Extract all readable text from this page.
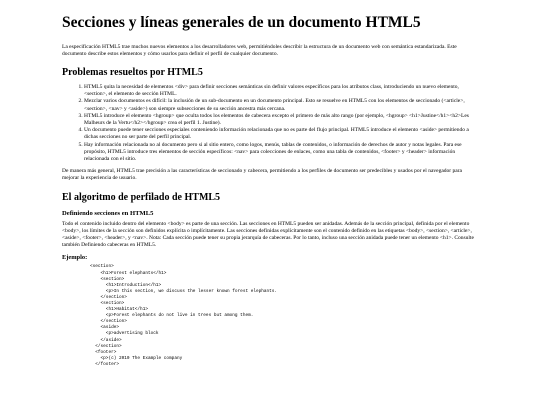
Secciones y líneas generales de un documento HTML5

La especificación HTML5 trae muchos nuevos elementos a los desarrolladores web, permitiéndoles describir la estructura de un documento web con semántica estandarizada. Este documento describe estos elementos y cómo usarlos para definir el perfil de cualquier documento.

Problemas resueltos por HTML5
1. HTML5 quita la necesidad de elementos <div> para definir secciones semánticas sin definir valores específicos para los atributos class, introduciendo un nuevo elemento, <section>, el elemento de sección HTML.
2. Mezclar varios documentos es difícil: la inclusión de un sub-documento en un documento principal. Esto se resuelve en HTML5 con los elementos de seccionado (<article>, <section>, <nav> y <aside>) son siempre subsecciones de su sección ancestra más cercana.
3. HTML5 introduce el elemento <hgroup> que oculta todos los elementos de cabecera excepto el primero de más alto rango (por ejemplo, <hgroup> <h1>Justine</h1><h2>Les Malheurs de la Vertu</h2></hgroup> crea el perfil 1. Justine).
4. Un documento puede tener secciones especiales conteniendo información relacionada que no es parte del flujo principal. HTML5 introduce el elemento <aside> permitiendo a dichas secciones no ser parte del perfil principal.
5. Hay información relacionada no al documento pero si al sitio entero, como logos, menús, tablas de contenidos, o información de derechos de autor y notas legales. Para ese propósito, HTML5 introduce tres elementos de sección específicos: <nav> para colecciones de enlaces, como una tabla de contenidos, <footer> y <header> información relacionada con el sitio.

De manera más general, HTML5 trae precisión a las características de seccionado y cabecera, permitiendo a los perfiles de documento ser predecibles y usados por el navegador para mejorar la experiencia de usuario.

El algoritmo de perfilado de HTML5
Definiendo secciones en HTML5

Todo el contenido incluido dentro del elemento <body> es parte de una sección. Las secciones en HTML5 pueden ser anidadas. Además de la sección principal, definida por el elemento <body>, los límites de la sección son definidos explícita o implícitamente. Las secciones definidas explícitamente son el contenido definido en las etiquetas <body>, <section>, <article>, <aside>, <footer>, <header>, y <nav>. Nota: Cada sección puede tener su propia jerarquía de cabeceras. Por lo tanto, incluso una sección anidada puede tener un elemento <h1>. Consulte también Definiendo cabeceras en HTML5.

Ejemplo:
<section>
<h1>Forest elephants</h1>
<section>
<h1>Introduction</h1>
<p>In this section, we discuss the lesser known forest elephants.
</section>
<section>
<h1>Habitat</h1>
<p>Forest elephants do not live in trees but among them.
</section>
<aside>
<p>advertising block
</aside>
</section>
<footer>
<p>(c) 2010 The Example company
</footer>
